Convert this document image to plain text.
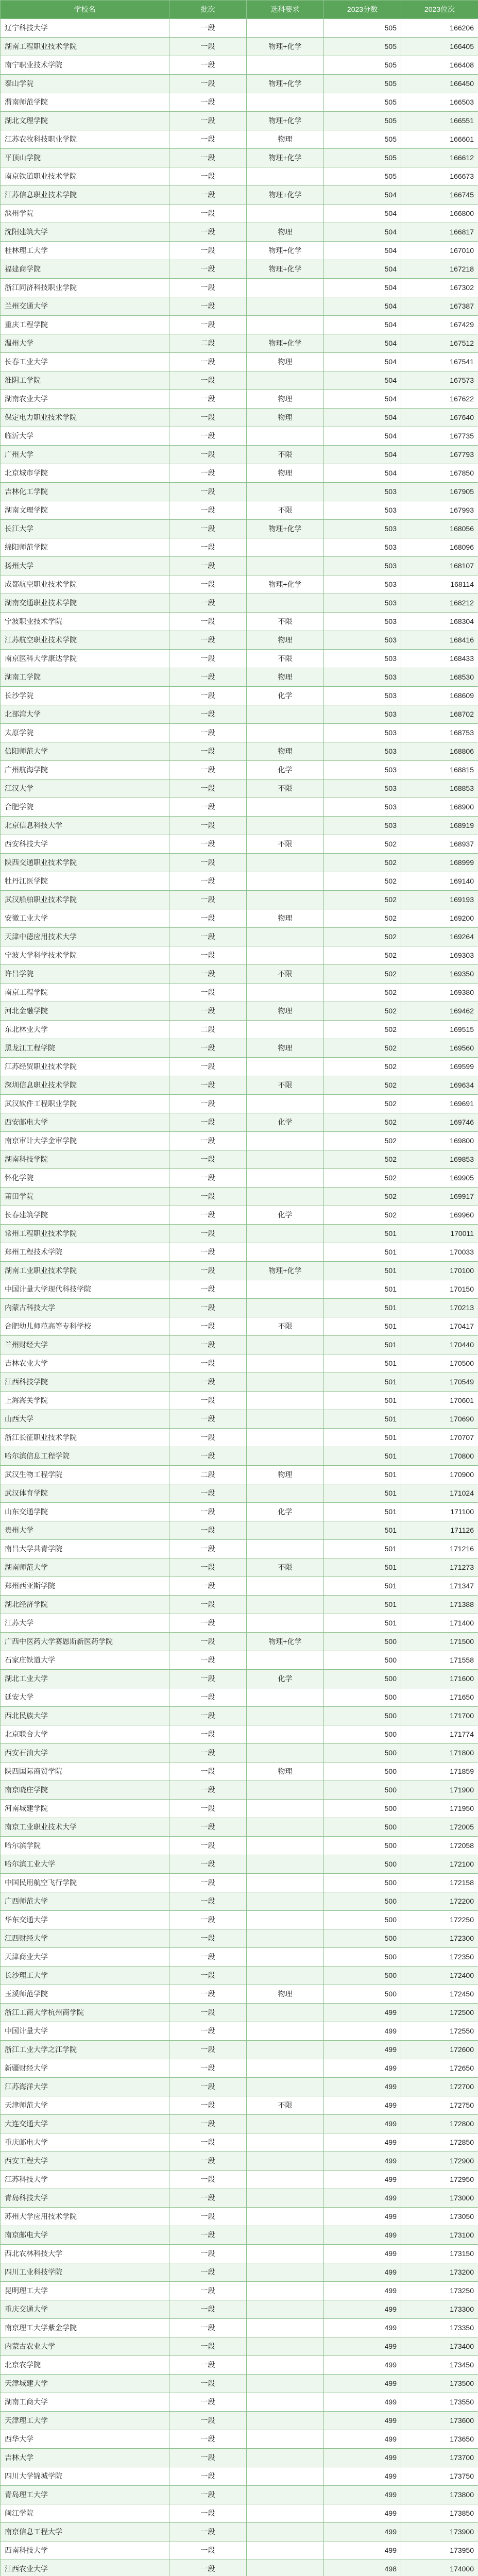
学校名	批次	选科要求	2023分数	2023位次
辽宁科技大学	一段		505	166206
湖南工程职业技术学院	一段	物理+化学	505	166405
南宁职业技术学院	一段		505	166408
泰山学院	一段	物理+化学	505	166450
渭南师范学院	一段		505	166503
湖北文理学院	一段	物理+化学	505	166551
江苏农牧科技职业学院	一段	物理	505	166601
平顶山学院	一段	物理+化学	505	166612
南京铁道职业技术学院	一段		505	166673
江苏信息职业技术学院	一段	物理+化学	504	166745
滨州学院	一段		504	166800
沈阳建筑大学	一段	物理	504	166817
桂林理工大学	一段	物理+化学	504	167010
福建商学院	一段	物理+化学	504	167218
浙江同济科技职业学院	一段		504	167302
兰州交通大学	一段		504	167387
重庆工程学院	一段		504	167429
温州大学	二段	物理+化学	504	167512
长春工业大学	一段	物理	504	167541
淮阴工学院	一段		504	167573
湖南农业大学	一段	物理	504	167622
保定电力职业技术学院	一段	物理	504	167640
临沂大学	一段		504	167735
广州大学	一段	不限	504	167793
北京城市学院	一段	物理	504	167850
吉林化工学院	一段		503	167905
湖南文理学院	一段	不限	503	167993
长江大学	一段	物理+化学	503	168056
绵阳师范学院	一段		503	168096
扬州大学	一段		503	168107
成都航空职业技术学院	一段	物理+化学	503	168114
湖南交通职业技术学院	一段		503	168212
宁波职业技术学院	一段	不限	503	168304
江苏航空职业技术学院	一段	物理	503	168416
南京医科大学康达学院	一段	不限	503	168433
湖南工学院	一段	物理	503	168530
长沙学院	一段	化学	503	168609
北部湾大学	一段		503	168702
太原学院	一段		503	168753
信阳师范大学	一段	物理	503	168806
广州航海学院	一段	化学	503	168815
江汉大学	一段	不限	503	168853
合肥学院	一段		503	168900
北京信息科技大学	一段		503	168919
西安科技大学	一段	不限	502	168937
陕西交通职业技术学院	一段		502	168999
牡丹江医学院	一段		502	169140
武汉船舶职业技术学院	一段		502	169193
安徽工业大学	一段	物理	502	169200
天津中德应用技术大学	一段		502	169264
宁波大学科学技术学院	一段		502	169303
许昌学院	一段	不限	502	169350
南京工程学院	一段		502	169380
河北金融学院	一段	物理	502	169462
东北林业大学	二段		502	169515
黑龙江工程学院	一段	物理	502	169560
江苏经贸职业技术学院	一段		502	169599
深圳信息职业技术学院	一段	不限	502	169634
武汉软件工程职业学院	一段		502	169691
西安邮电大学	一段	化学	502	169746
南京审计大学金审学院	一段		502	169800
湖南科技学院	一段		502	169853
怀化学院	一段		502	169905
莆田学院	一段		502	169917
长春建筑学院	一段	化学	502	169960
常州工程职业技术学院	一段		501	170011
郑州工程技术学院	一段		501	170033
湖南工业职业技术学院	一段	物理+化学	501	170100
中国计量大学现代科技学院	一段		501	170150
内蒙古科技大学	一段		501	170213
合肥幼儿师范高等专科学校	一段	不限	501	170417
兰州财经大学	一段		501	170440
吉林农业大学	一段		501	170500
江西科技学院	一段		501	170549
上海海关学院	一段		501	170601
山西大学	一段		501	170690
浙江长征职业技术学院	一段		501	170707
哈尔滨信息工程学院	一段		501	170800
武汉生物工程学院	二段	物理	501	170900
武汉体育学院	一段		501	171024
山东交通学院	一段	化学	501	171100
贵州大学	一段		501	171126
南昌大学共青学院	一段		501	171216
湖南师范大学	一段	不限	501	171273
郑州西亚斯学院	一段		501	171347
湖北经济学院	一段		501	171388
江苏大学	一段		501	171400
广西中医药大学赛恩斯新医药学院	一段	物理+化学	500	171500
石家庄铁道大学	一段		500	171558
湖北工业大学	一段	化学	500	171600
延安大学	一段		500	171650
西北民族大学	一段		500	171700
北京联合大学	一段		500	171774
西安石油大学	一段		500	171800
陕西国际商贸学院	一段	物理	500	171859
南京晓庄学院	一段		500	171900
河南城建学院	一段		500	171950
南京工业职业技术大学	一段		500	172005
哈尔滨学院	一段		500	172058
哈尔滨工业大学	一段		500	172100
中国民用航空飞行学院	一段		500	172158
广西师范大学	一段		500	172200
华东交通大学	一段		500	172250
江西财经大学	一段		500	172300
天津商业大学	一段		500	172350
长沙理工大学	一段		500	172400
玉溪师范学院	一段	物理	500	172450
浙江工商大学杭州商学院	一段		499	172500
中国计量大学	一段		499	172550
浙江工业大学之江学院	一段		499	172600
新疆财经大学	一段		499	172650
江苏海洋大学	一段		499	172700
天津师范大学	一段	不限	499	172750
大连交通大学	一段		499	172800
重庆邮电大学	一段		499	172850
西安工程大学	一段		499	172900
江苏科技大学	一段		499	172950
青岛科技大学	一段		499	173000
苏州大学应用技术学院	一段		499	173050
南京邮电大学	一段		499	173100
西北农林科技大学	一段		499	173150
四川工业科技学院	一段		499	173200
昆明理工大学	一段		499	173250
重庆交通大学	一段		499	173300
南京理工大学紫金学院	一段		499	173350
内蒙古农业大学	一段		499	173400
北京农学院	一段		499	173450
天津城建大学	一段		499	173500
湖南工商大学	一段		499	173550
天津理工大学	一段		499	173600
西华大学	一段		499	173650
吉林大学	一段		499	173700
四川大学锦城学院	一段		499	173750
青岛理工大学	一段		499	173800
闽江学院	一段		499	173850
南京信息工程大学	一段		499	173900
西南科技大学	一段		499	173950
江西农业大学	一段		498	174000
